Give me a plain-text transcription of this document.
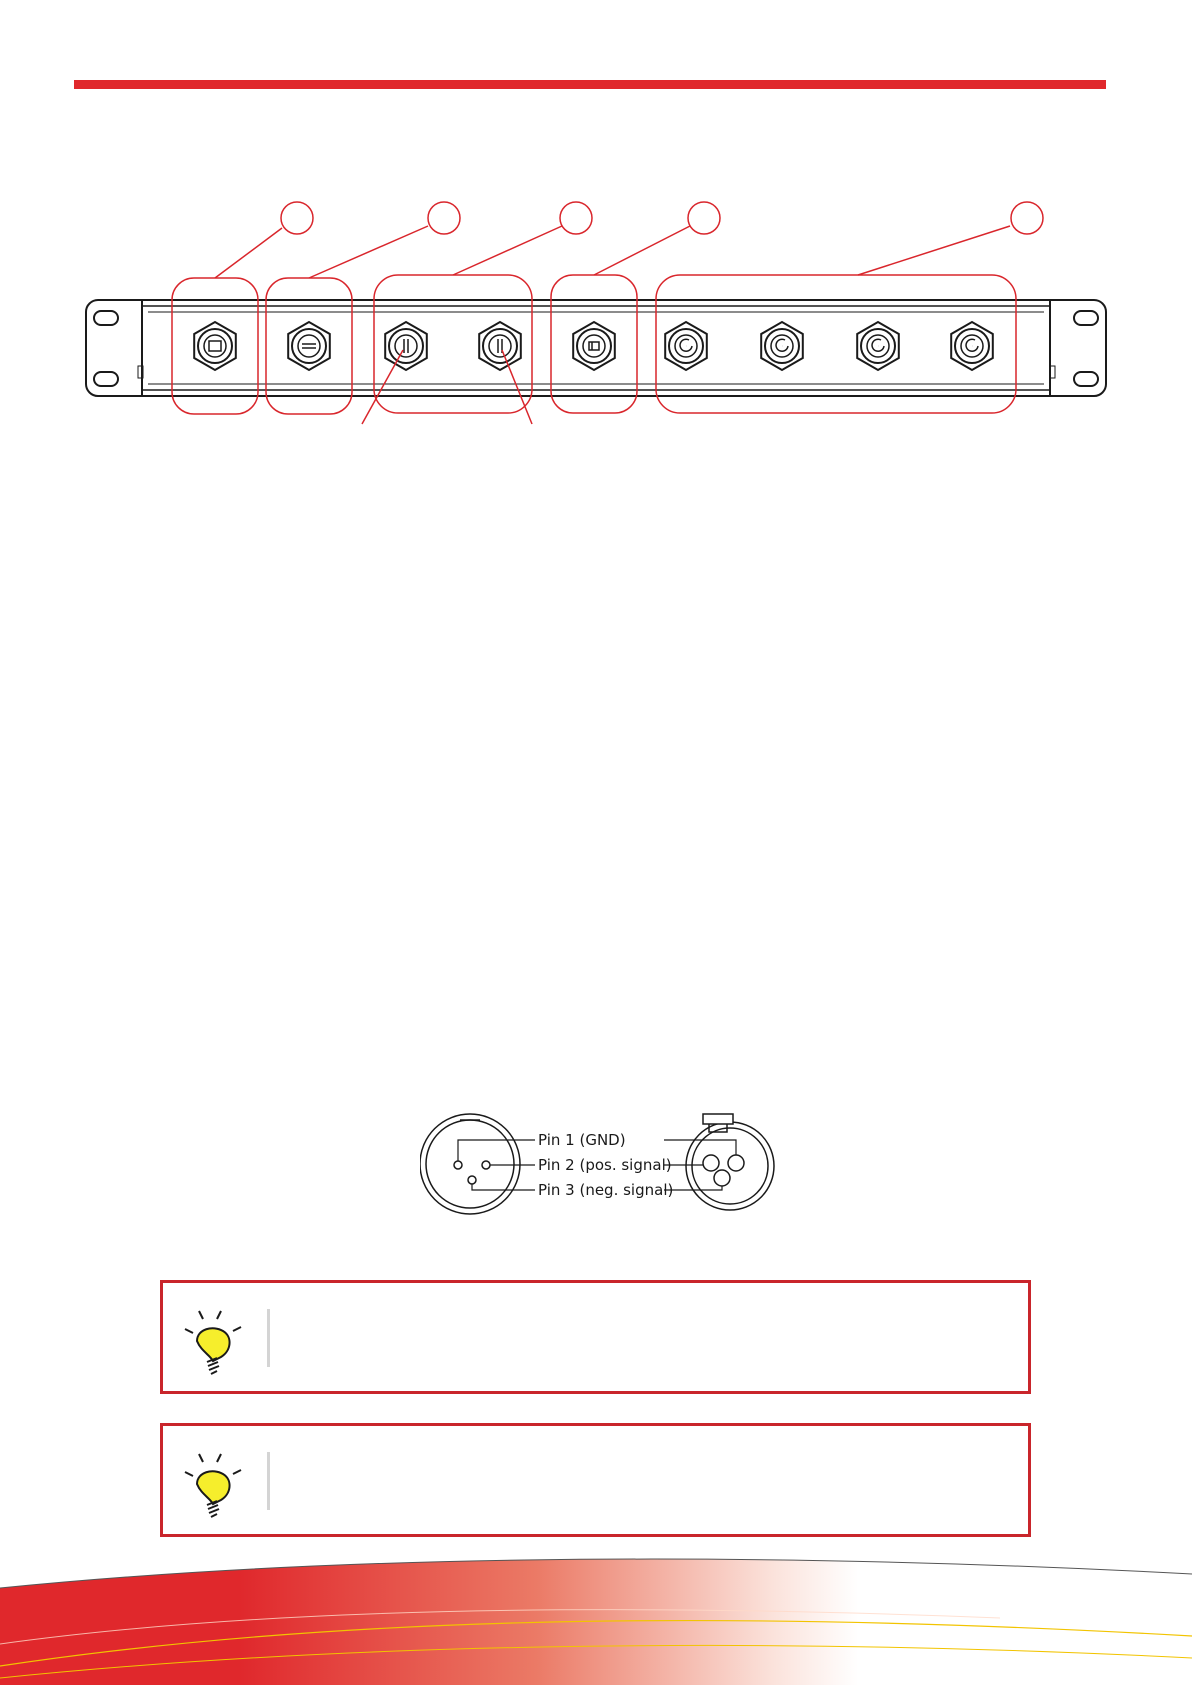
Pin 1 (GND)
Pin 2 (pos. signal)
Pin 3 (neg. signal)
